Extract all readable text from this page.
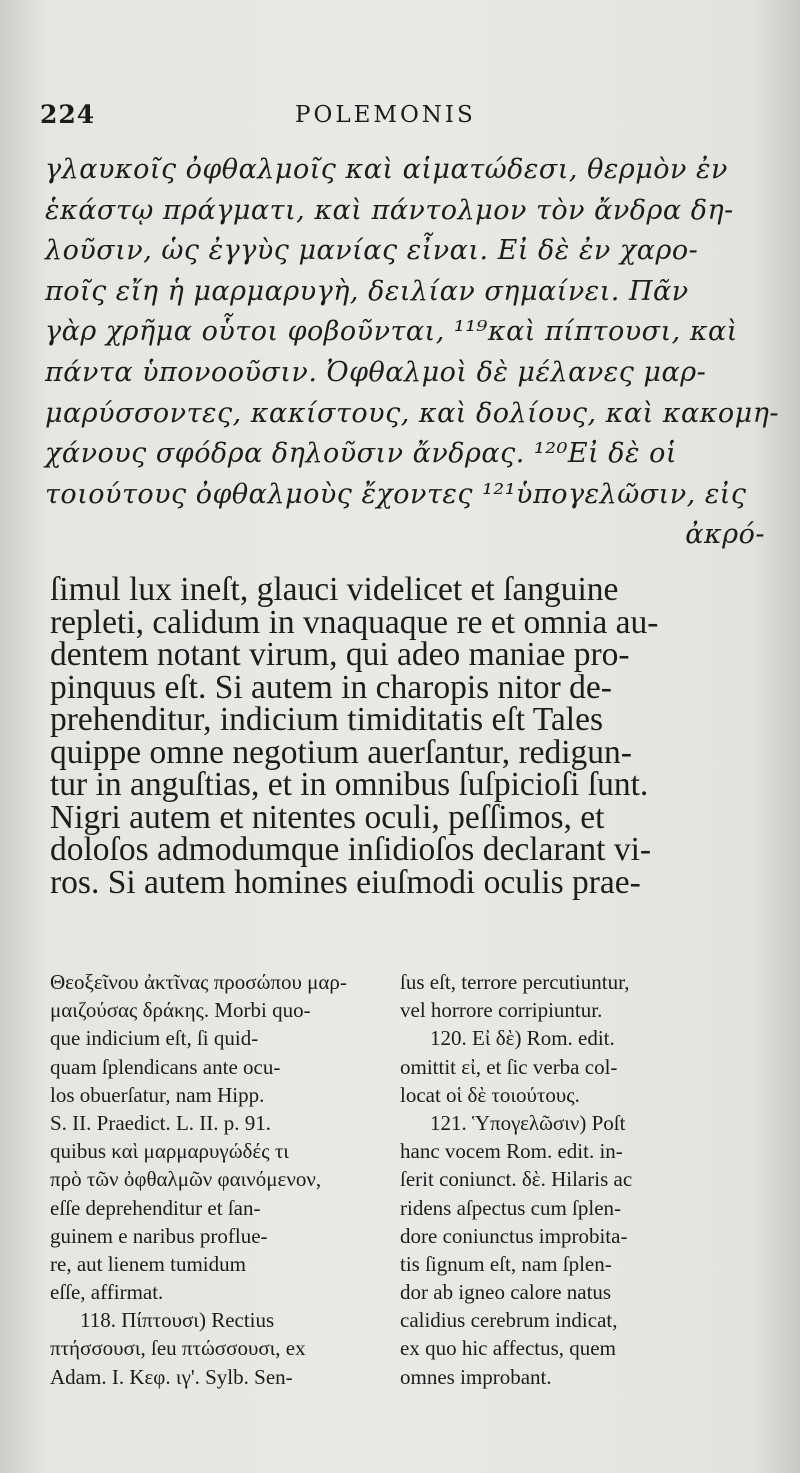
224	POLEMONIS
γλαυκοῖς ὀφθαλμοῖς καὶ αἱματώδεσι, θερμὸν ἐν
ἑκάστῳ πράγματι, καὶ πάντολμον τὸν ἄνδρα δη-
λοῦσιν, ὡς ἐγγὺς μανίας εἶναι. Εἰ δὲ ἐν χαρο-
ποῖς εἴη ἡ μαρμαρυγὴ, δειλίαν σημαίνει. Πᾶν
γὰρ χρῆμα οὗτοι φοβοῦνται, ¹¹⁹καὶ πίπτουσι, καὶ
πάντα ὑπονοοῦσιν. Ὀφθαλμοὶ δὲ μέλανες μαρ-
μαρύσσοντες, κακίστους, καὶ δολίους, καὶ κακομη-
χάνους σφόδρα δηλοῦσιν ἄνδρας. ¹²⁰Εἰ δὲ οἱ
τοιούτους ὀφθαλμοὺς ἔχοντες ¹²¹ὑπογελῶσιν, εἰς
ἀκρό-
ſimul lux ineſt, glauci videlicet et ſanguine
repleti, calidum in vnaquaque re et omnia au-
dentem notant virum, qui adeo maniae pro-
pinquus eſt. Si autem in charopis nitor de-
prehenditur, indicium timiditatis eſt Tales
quippe omne negotium auerſantur, redigun-
tur in anguſtias, et in omnibus ſuſpicioſi ſunt.
Nigri autem et nitentes oculi, peſſimos, et
doloſos admodumque inſidioſos declarant vi-
ros. Si autem homines eiuſmodi oculis prae-
Θεοξεῖνου ἀκτῖνας προσώπου μαρ-
μαιζούσας δράκης. Morbi quo-
que indicium eſt, ſi quid-
quam ſplendicans ante ocu-
los obuerſatur, nam Hipp.
S. II. Praedict. L. II. p. 91.
quibus καὶ μαρμαρυγώδές τι
πρὸ τῶν ὀφθαλμῶν φαινόμενον,
eſſe deprehenditur et ſan-
guinem e naribus proflue-
re, aut lienem tumidum
eſſe, affirmat.
118. Πίπτουσι) Rectius
πτήσσουσι, ſeu πτώσσουσι, ex
Adam. I. Κεφ. ιγ'. Sylb. Sen-
ſus eſt, terrore percutiuntur,
vel horrore corripiuntur.
120. Εἰ δὲ) Rom. edit.
omittit εἰ, et ſic verba col-
locat οἱ δὲ τοιούτους.
121. Ὑπογελῶσιν) Poſt
hanc vocem Rom. edit. in-
ſerit coniunct. δὲ. Hilaris ac
ridens aſpectus cum ſplen-
dore coniunctus improbita-
tis ſignum eſt, nam ſplen-
dor ab igneo calore natus
calidius cerebrum indicat,
ex quo hic affectus, quem
omnes improbant.
